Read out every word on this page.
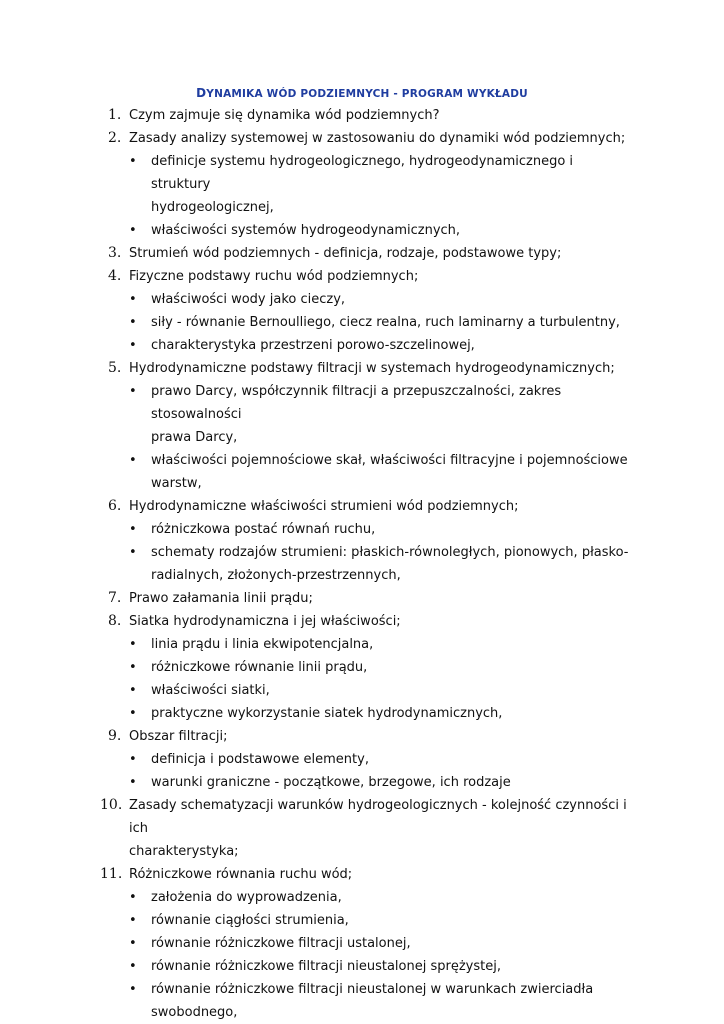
DYNAMIKA WÓD PODZIEMNYCH - PROGRAM WYKŁADU
1. Czym zajmuje się dynamika wód podziemnych?
2. Zasady analizy systemowej w zastosowaniu do dynamiki wód podziemnych;
• definicje systemu hydrogeologicznego, hydrogeodynamicznego i struktury
hydrogeologicznej,
• właściwości systemów hydrogeodynamicznych,
3. Strumień wód podziemnych - definicja, rodzaje, podstawowe typy;
4. Fizyczne podstawy ruchu wód podziemnych;
• właściwości wody jako cieczy,
• siły - równanie Bernoulliego, ciecz realna, ruch laminarny a turbulentny,
• charakterystyka przestrzeni porowo-szczelinowej,
5. Hydrodynamiczne podstawy filtracji w systemach hydrogeodynamicznych;
• prawo Darcy, współczynnik filtracji a przepuszczalności, zakres stosowalności
prawa Darcy,
• właściwości pojemnościowe skał, właściwości filtracyjne i pojemnościowe
warstw,
6. Hydrodynamiczne właściwości strumieni wód podziemnych;
• różniczkowa postać równań ruchu,
• schematy rodzajów strumieni: płaskich-równoległych, pionowych, płasko-
radialnych, złożonych-przestrzennych,
7. Prawo załamania linii prądu;
8. Siatka hydrodynamiczna i jej właściwości;
• linia prądu i linia ekwipotencjalna,
• różniczkowe równanie linii prądu,
• właściwości siatki,
• praktyczne wykorzystanie siatek hydrodynamicznych,
9. Obszar filtracji;
• definicja i podstawowe elementy,
• warunki graniczne - początkowe, brzegowe, ich rodzaje
10. Zasady schematyzacji warunków hydrogeologicznych - kolejność czynności i ich
charakterystyka;
11. Różniczkowe równania ruchu wód;
• założenia do wyprowadzenia,
• równanie ciągłości strumienia,
• równanie różniczkowe filtracji ustalonej,
• równanie różniczkowe filtracji nieustalonej sprężystej,
• równanie różniczkowe filtracji nieustalonej w warunkach zwierciadła
swobodnego,
